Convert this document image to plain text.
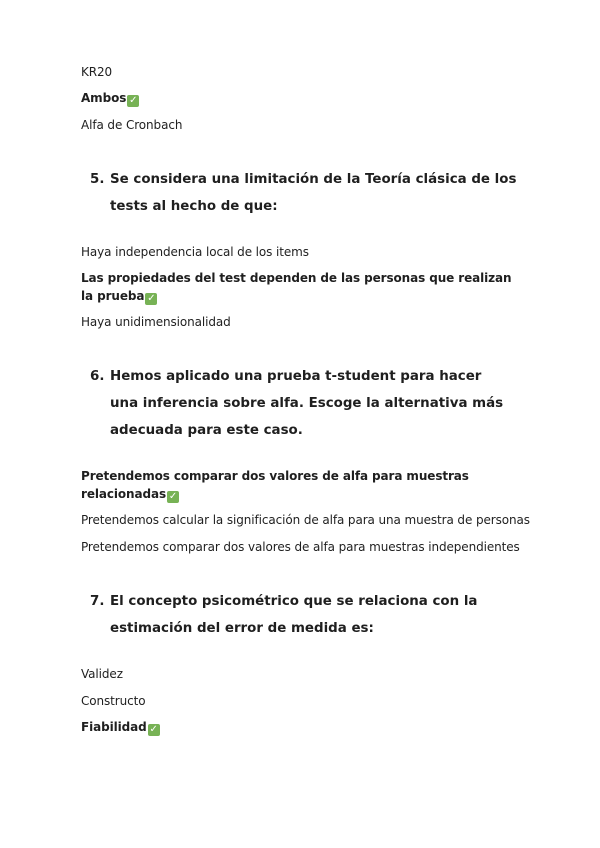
KR20
Ambos ✓
Alfa de Cronbach
5. Se considera una limitación de la Teoría clásica de los tests al hecho de que:
Haya independencia local de los items
Las propiedades del test dependen de las personas que realizan la prueba ✓
Haya unidimensionalidad
6. Hemos aplicado una prueba t-student para hacer una inferencia sobre alfa. Escoge la alternativa más adecuada para este caso.
Pretendemos comparar dos valores de alfa para muestras relacionadas ✓
Pretendemos calcular la significación de alfa para una muestra de personas
Pretendemos comparar dos valores de alfa para muestras independientes
7. El concepto psicométrico que se relaciona con la estimación del error de medida es:
Validez
Constructo
Fiabilidad ✓
